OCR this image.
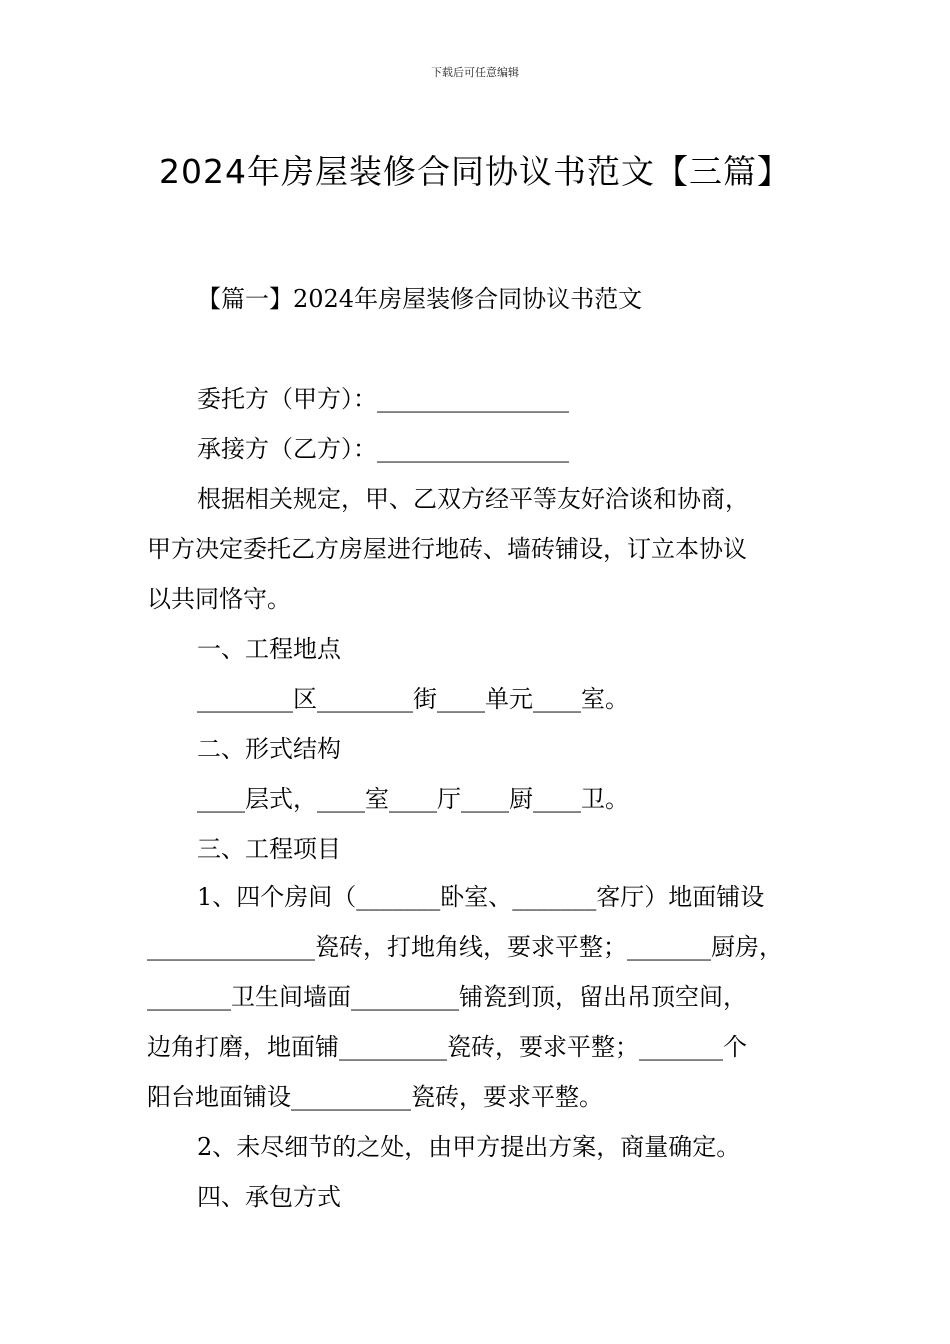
下载后可任意编辑
2024年房屋装修合同协议书范文【三篇】
【篇一】2024年房屋装修合同协议书范文
委托方（甲方）：________________
承接方（乙方）：________________
根据相关规定，甲、乙双方经平等友好洽谈和协商，
甲方决定委托乙方房屋进行地砖、墙砖铺设，订立本协议
以共同恪守。
一、工程地点
________区________街____单元____室。
二、形式结构
____层式，____室____厅____厨____卫。
三、工程项目
1、四个房间（_______卧室、_______客厅）地面铺设
______________瓷砖，打地角线，要求平整；_______厨房，
_______卫生间墙面_________铺瓷到顶，留出吊顶空间，
边角打磨，地面铺_________瓷砖，要求平整；_______个
阳台地面铺设__________瓷砖，要求平整。
2、未尽细节的之处，由甲方提出方案，商量确定。
四、承包方式
